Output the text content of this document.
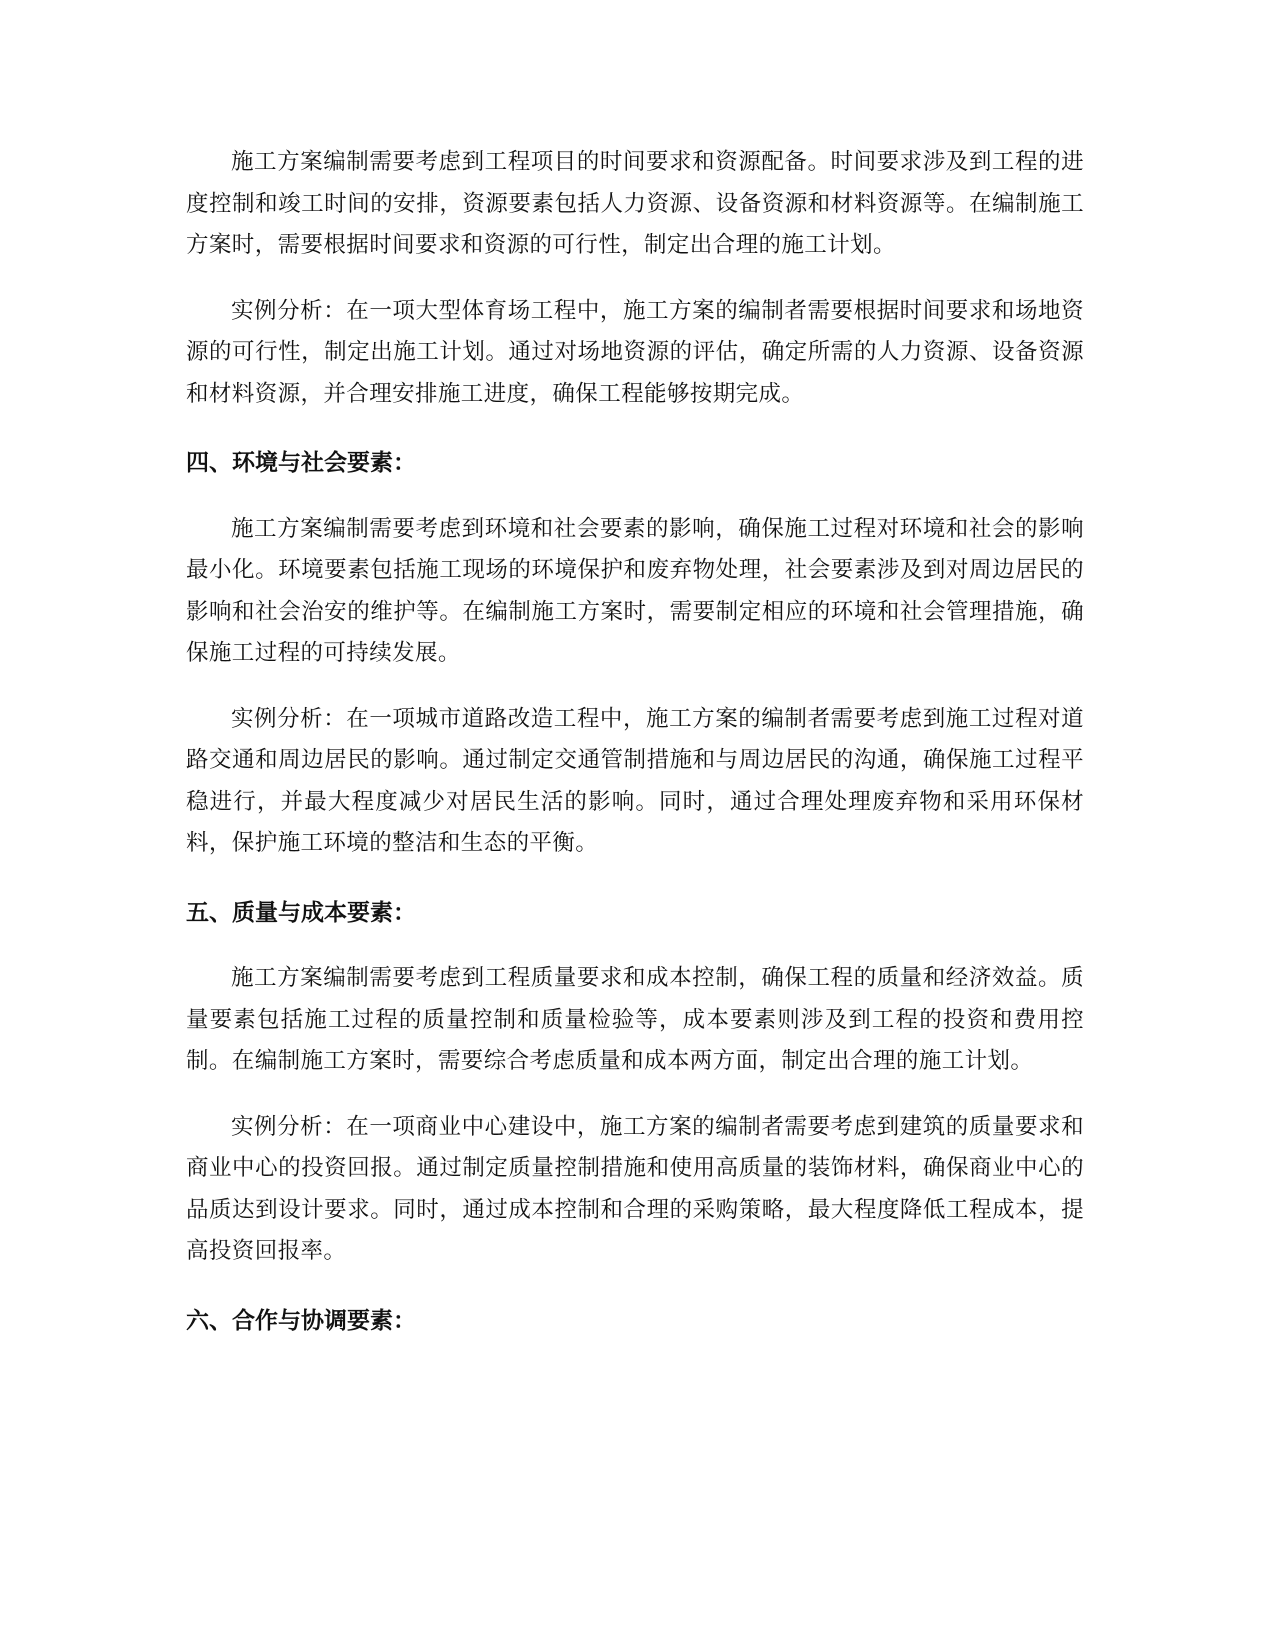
施工方案编制需要考虑到工程项目的时间要求和资源配备。时间要求涉及到工程的进度控制和竣工时间的安排，资源要素包括人力资源、设备资源和材料资源等。在编制施工方案时，需要根据时间要求和资源的可行性，制定出合理的施工计划。

实例分析：在一项大型体育场工程中，施工方案的编制者需要根据时间要求和场地资源的可行性，制定出施工计划。通过对场地资源的评估，确定所需的人力资源、设备资源和材料资源，并合理安排施工进度，确保工程能够按期完成。

四、环境与社会要素：

施工方案编制需要考虑到环境和社会要素的影响，确保施工过程对环境和社会的影响最小化。环境要素包括施工现场的环境保护和废弃物处理，社会要素涉及到对周边居民的影响和社会治安的维护等。在编制施工方案时，需要制定相应的环境和社会管理措施，确保施工过程的可持续发展。

实例分析：在一项城市道路改造工程中，施工方案的编制者需要考虑到施工过程对道路交通和周边居民的影响。通过制定交通管制措施和与周边居民的沟通，确保施工过程平稳进行，并最大程度减少对居民生活的影响。同时，通过合理处理废弃物和采用环保材料，保护施工环境的整洁和生态的平衡。

五、质量与成本要素：

施工方案编制需要考虑到工程质量要求和成本控制，确保工程的质量和经济效益。质量要素包括施工过程的质量控制和质量检验等，成本要素则涉及到工程的投资和费用控制。在编制施工方案时，需要综合考虑质量和成本两方面，制定出合理的施工计划。

实例分析：在一项商业中心建设中，施工方案的编制者需要考虑到建筑的质量要求和商业中心的投资回报。通过制定质量控制措施和使用高质量的装饰材料，确保商业中心的品质达到设计要求。同时，通过成本控制和合理的采购策略，最大程度降低工程成本，提高投资回报率。

六、合作与协调要素：
